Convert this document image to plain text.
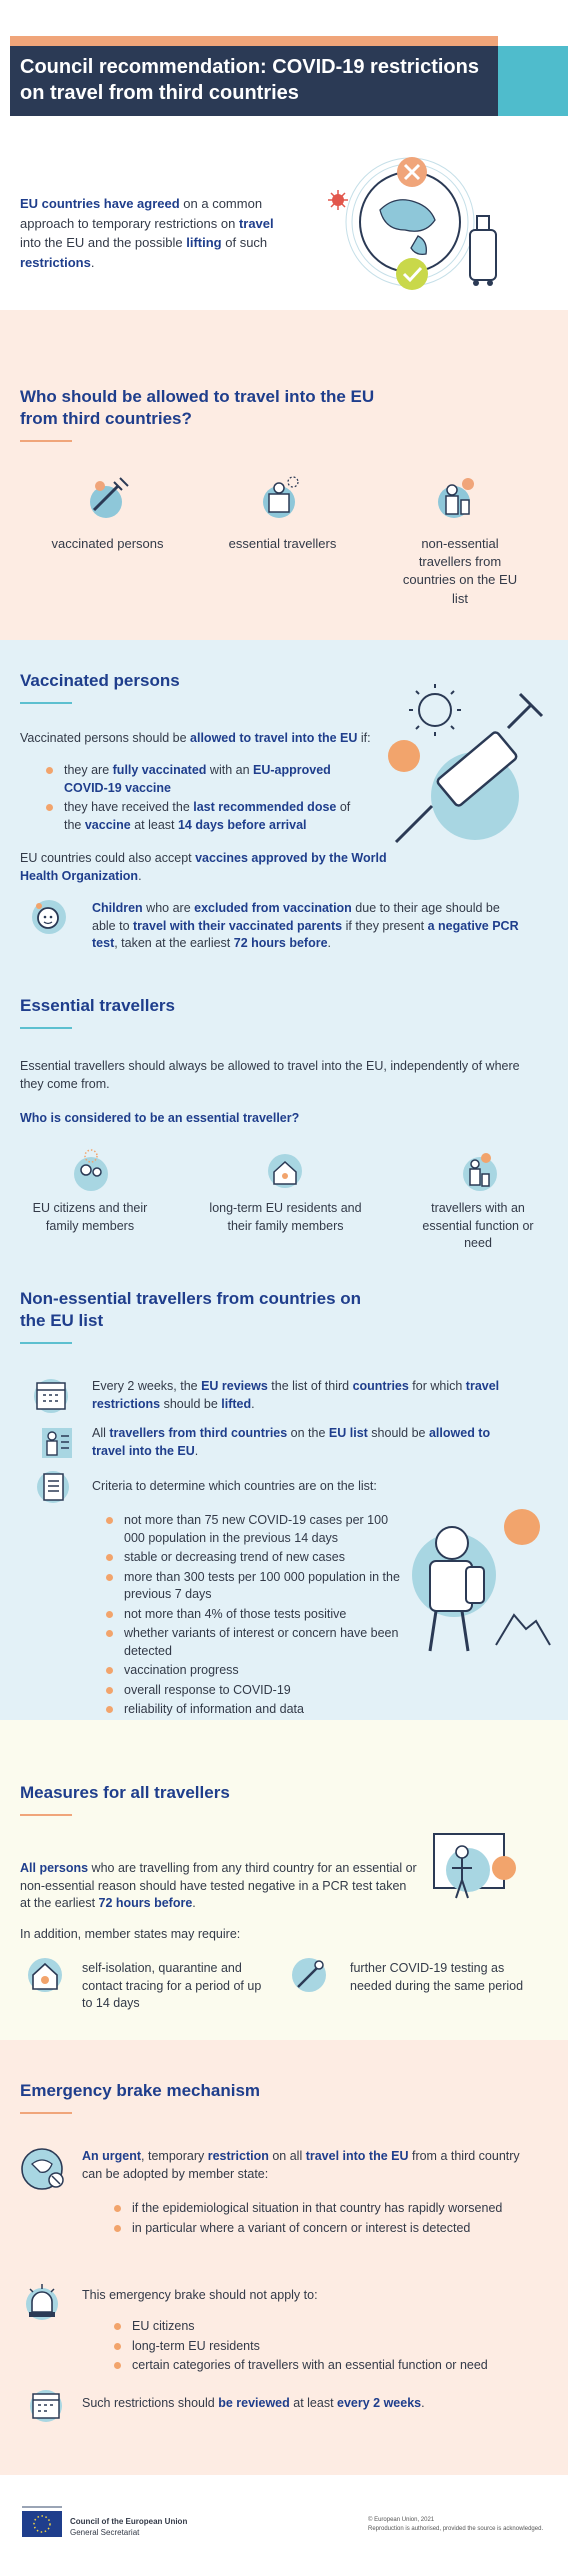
Council recommendation: COVID-19 restrictions on travel from third countries
EU countries have agreed on a common approach to temporary restrictions on travel into the EU and the possible lifting of such restrictions.
Who should be allowed to travel into the EU from third countries?
vaccinated persons	essential travellers	non-essential travellers from countries on the EU list
Vaccinated persons
Vaccinated persons should be allowed to travel into the EU if:
they are fully vaccinated with an EU-approved COVID-19 vaccine
they have received the last recommended dose of the vaccine at least 14 days before arrival
EU countries could also accept vaccines approved by the World Health Organization.
Children who are excluded from vaccination due to their age should be able to travel with their vaccinated parents if they present a negative PCR test, taken at the earliest 72 hours before.
Essential travellers
Essential travellers should always be allowed to travel into the EU, independently of where they come from.
Who is considered to be an essential traveller?
EU citizens and their family members
long-term EU residents and their family members
travellers with an essential function or need
Non-essential travellers from countries on the EU list
Every 2 weeks, the EU reviews the list of third countries for which travel restrictions should be lifted.
All travellers from third countries on the EU list should be allowed to travel into the EU.
Criteria to determine which countries are on the list:
not more than 75 new COVID-19 cases per 100 000 population in the previous 14 days
stable or decreasing trend of new cases
more than 300 tests per 100 000 population in the previous 7 days
not more than 4% of those tests positive
whether variants of interest or concern have been detected
vaccination progress
overall response to COVID-19
reliability of information and data
Measures for all travellers
All persons who are travelling from any third country for an essential or non-essential reason should have tested negative in a PCR test taken at the earliest 72 hours before.
In addition, member states may require:
self-isolation, quarantine and contact tracing for a period of up to 14 days
further COVID-19 testing as needed during the same period
Emergency brake mechanism
An urgent, temporary restriction on all travel into the EU from a third country can be adopted by member state:
if the epidemiological situation in that country has rapidly worsened
in particular where a variant of concern or interest is detected
This emergency brake should not apply to:
EU citizens
long-term EU residents
certain categories of travellers with an essential function or need
Such restrictions should be reviewed at least every 2 weeks.
Council of the European Union
General Secretariat
© European Union, 2021
Reproduction is authorised, provided the source is acknowledged.
